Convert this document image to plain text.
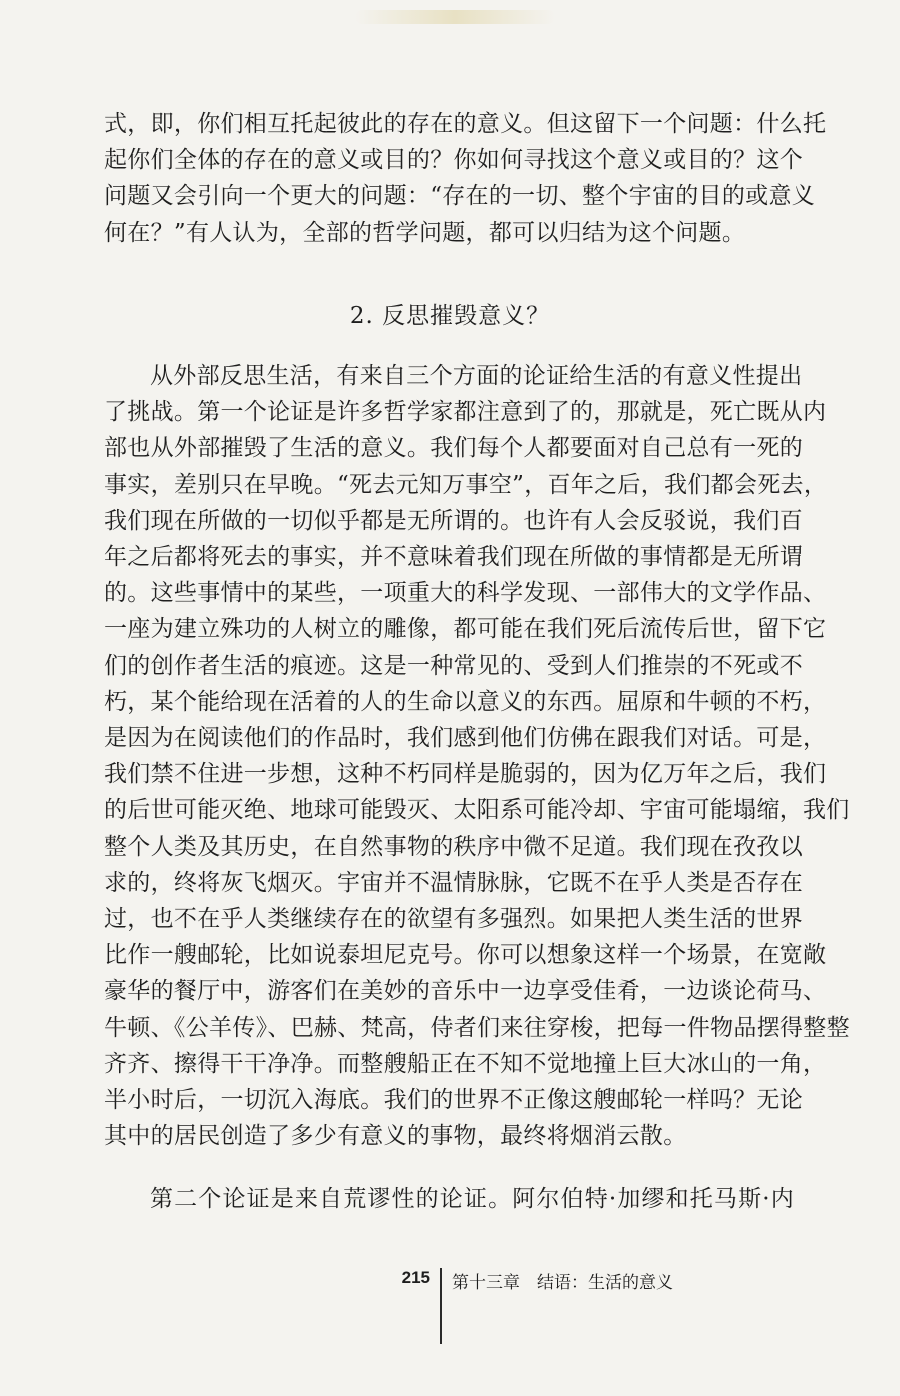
式，即，你们相互托起彼此的存在的意义。但这留下一个问题：什么托
起你们全体的存在的意义或目的？你如何寻找这个意义或目的？这个
问题又会引向一个更大的问题：“存在的一切、整个宇宙的目的或意义
何在？”有人认为，全部的哲学问题，都可以归结为这个问题。
2. 反思摧毁意义？
从外部反思生活，有来自三个方面的论证给生活的有意义性提出
了挑战。第一个论证是许多哲学家都注意到了的，那就是，死亡既从内
部也从外部摧毁了生活的意义。我们每个人都要面对自己总有一死的
事实，差别只在早晚。“死去元知万事空”，百年之后，我们都会死去，
我们现在所做的一切似乎都是无所谓的。也许有人会反驳说，我们百
年之后都将死去的事实，并不意味着我们现在所做的事情都是无所谓
的。这些事情中的某些，一项重大的科学发现、一部伟大的文学作品、
一座为建立殊功的人树立的雕像，都可能在我们死后流传后世，留下它
们的创作者生活的痕迹。这是一种常见的、受到人们推崇的不死或不
朽，某个能给现在活着的人的生命以意义的东西。屈原和牛顿的不朽，
是因为在阅读他们的作品时，我们感到他们仿佛在跟我们对话。可是，
我们禁不住进一步想，这种不朽同样是脆弱的，因为亿万年之后，我们
的后世可能灭绝、地球可能毁灭、太阳系可能冷却、宇宙可能塌缩，我们
整个人类及其历史，在自然事物的秩序中微不足道。我们现在孜孜以
求的，终将灰飞烟灭。宇宙并不温情脉脉，它既不在乎人类是否存在
过，也不在乎人类继续存在的欲望有多强烈。如果把人类生活的世界
比作一艘邮轮，比如说泰坦尼克号。你可以想象这样一个场景，在宽敞
豪华的餐厅中，游客们在美妙的音乐中一边享受佳肴，一边谈论荷马、
牛顿、《公羊传》、巴赫、梵高，侍者们来往穿梭，把每一件物品摆得整整
齐齐、擦得干干净净。而整艘船正在不知不觉地撞上巨大冰山的一角，
半小时后，一切沉入海底。我们的世界不正像这艘邮轮一样吗？无论
其中的居民创造了多少有意义的事物，最终将烟消云散。
第二个论证是来自荒谬性的论证。阿尔伯特·加缪和托马斯·内
215 第十三章　结语：生活的意义
